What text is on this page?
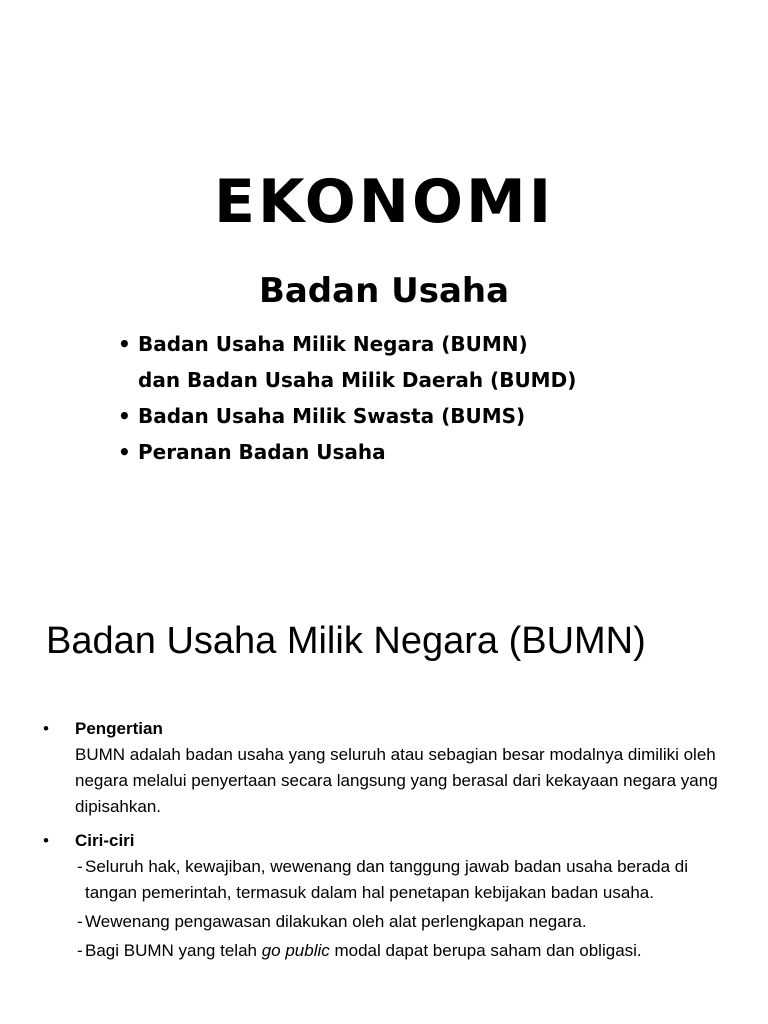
EKONOMI
Badan Usaha
• Badan Usaha Milik Negara (BUMN)
dan Badan Usaha Milik Daerah (BUMD)
• Badan Usaha Milik Swasta (BUMS)
• Peranan Badan Usaha
Badan Usaha Milik Negara (BUMN)
• Pengertian
BUMN adalah badan usaha yang seluruh atau sebagian besar modalnya dimiliki oleh negara melalui penyertaan secara langsung yang berasal dari kekayaan negara yang dipisahkan.
• Ciri-ciri
- Seluruh hak, kewajiban, wewenang dan tanggung jawab badan usaha berada di tangan pemerintah, termasuk dalam hal penetapan kebijakan badan usaha.
- Wewenang pengawasan dilakukan oleh alat perlengkapan negara.
- Bagi BUMN yang telah go public modal dapat berupa saham dan obligasi.
